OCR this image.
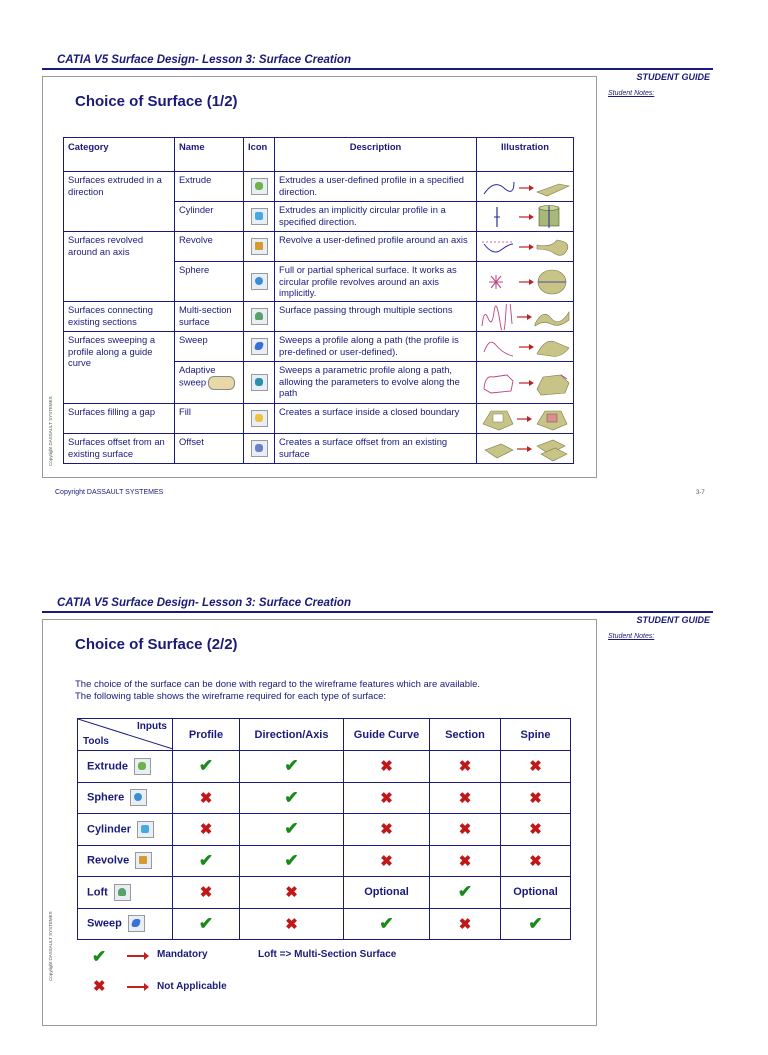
CATIA V5 Surface Design- Lesson 3: Surface Creation
STUDENT GUIDE
Student Notes:
Choice of Surface (1/2)
Copyright DASSAULT SYSTEMES
Copyright DASSAULT SYSTEMES	3-7
Category	Name	Icon	Description	Illustration
Surfaces extruded in a direction	Extrude		Extrudes a user-defined profile in a specified direction.	

	Cylinder		Extrudes an implicitly circular profile in a specified direction.	

Surfaces revolved around an axis	Revolve		Revolve a user-defined profile around an axis	

	Sphere		Full or partial spherical surface. It works as circular profile revolves around an axis implicitly.	

Surfaces connecting existing sections	Multi-section surface		Surface passing through multiple sections	

Surfaces sweeping a profile along a guide curve	Sweep		Sweeps a profile along a path (the profile is pre-defined or user-defined).	

	Adaptive sweep		Sweeps a parametric profile along a path, allowing the parameters to evolve along the path	

Surfaces filling a gap	Fill		Creates a surface inside a closed boundary	

Surfaces offset from an existing surface	Offset		Creates a surface offset from an existing surface	
CATIA V5 Surface Design- Lesson 3: Surface Creation
STUDENT GUIDE
Student Notes:
Choice of Surface (2/2)
The choice of the surface can be done with regard to the wireframe features which are available.
The following table shows the wireframe required for each type of surface:
Copyright DASSAULT SYSTEMES ✔	Mandatory	Loft => Multi-Section Surface
✖	Not Applicable
Inputs
Tools	Profile	Direction/Axis	Guide Curve	Section	Spine
Extrude	✔	✔	✖	✖	✖
Sphere	✖	✔	✖	✖	✖
Cylinder	✖	✔	✖	✖	✖
Revolve	✔	✔	✖	✖	✖
Loft	✖	✖	Optional	✔	Optional
Sweep	✔	✖	✔	✖	✔
